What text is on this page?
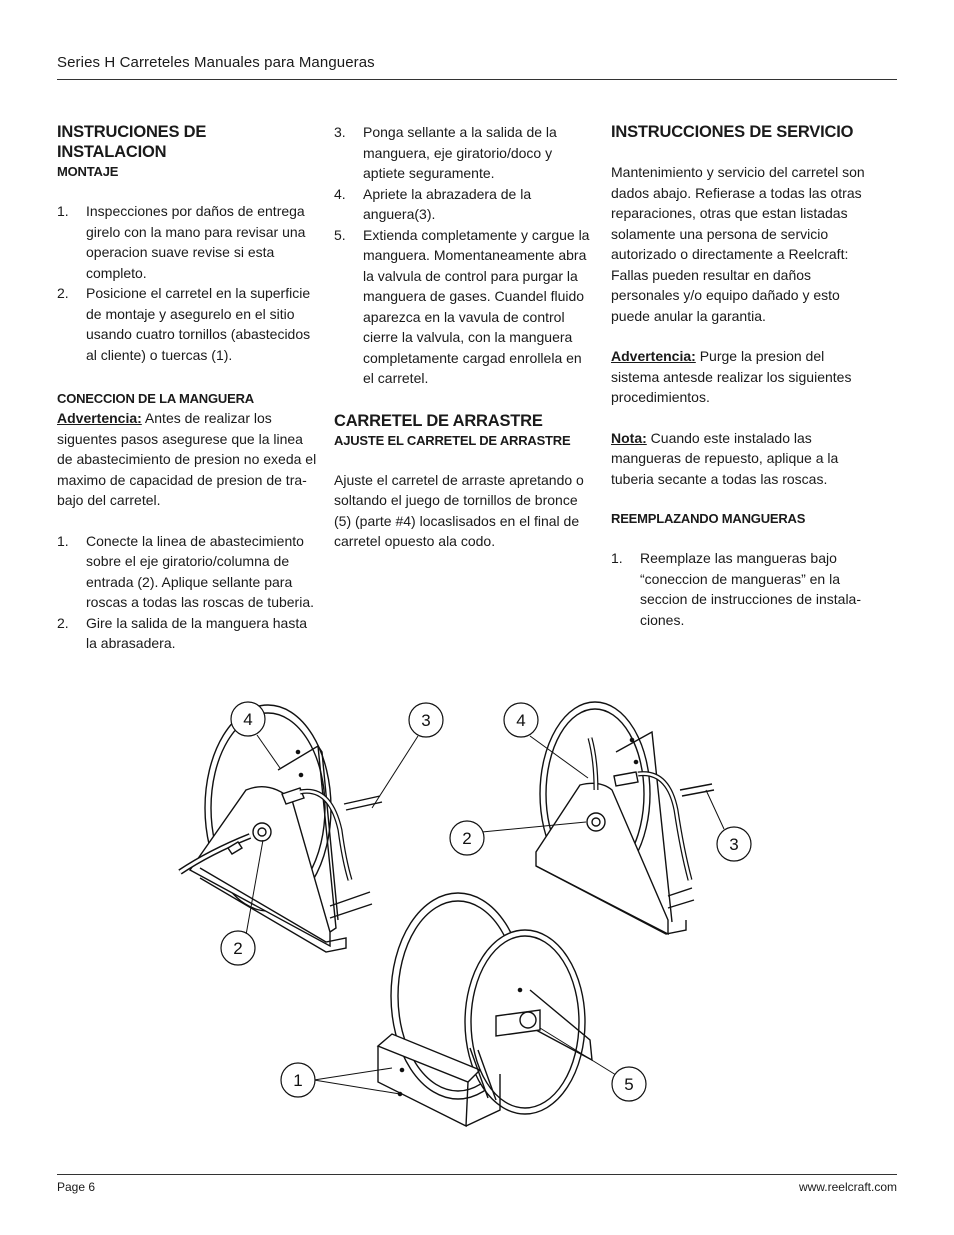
Series H Carreteles Manuales para Mangueras
INSTRUCIONES DE INSTALACION
MONTAJE
1. Inspecciones por daños de entrega girelo con la mano para revisar una operacion suave revise si esta completo.
2. Posicione el carretel en la superficie de montaje y asegurelo en el sitio usando cuatro tornillos (abastecidos al cliente) o tuercas (1).
CONECCION DE LA MANGUERA

Advertencia: Antes de realizar los siguentes pasos asegurese que la linea de abastecimiento de presion no exeda el maximo de capacidad de presion de tra-bajo del carretel.

1. Conecte la linea de abastecimiento sobre el eje giratorio/columna de entrada (2). Aplique sellante para roscas a todas las roscas de tuberia.
2. Gire la salida de la manguera hasta la abrasadera.
3. Ponga sellante a la salida de la manguera, eje giratorio/doco y aptiete seguramente.
4. Apriete la abrazadera de la anguera(3).
5. Extienda completamente y cargue la manguera. Momentaneamente abra la valvula de control para purgar la manguera de gases. Cuandel fluido aparezca en la vavula de control cierre la valvula, con la manguera completamente cargad enrollela en el carretel.
CARRETEL DE ARRASTRE
AJUSTE EL CARRETEL DE ARRASTRE

Ajuste el carretel de arraste apretando o soltando el juego de tornillos de bronce (5) (parte #4) locaslisados en el final de carretel opuesto ala codo.

INSTRUCCIONES DE SERVICIO

Mantenimiento y servicio del carretel son dados abajo. Refierase a todas las otras reparaciones, otras que estan listadas solamente una persona de servicio autorizado o directamente a Reelcraft: Fallas pueden resultar en daños personales y/o equipo dañado y esto puede anular la garantia.

Advertencia: Purge la presion del sistema antesde realizar los siguientes procedimientos.

Nota: Cuando este instalado las mangueras de repuesto, aplique a la tuberia secante a todas las roscas.

REEMPLAZANDO MANGUERAS
1. Reemplaze las mangueras bajo “coneccion de mangueras” en la seccion de instrucciones de instala-ciones.
4	3
2
4
2	3
1	5
Page 6	www.reelcraft.com
